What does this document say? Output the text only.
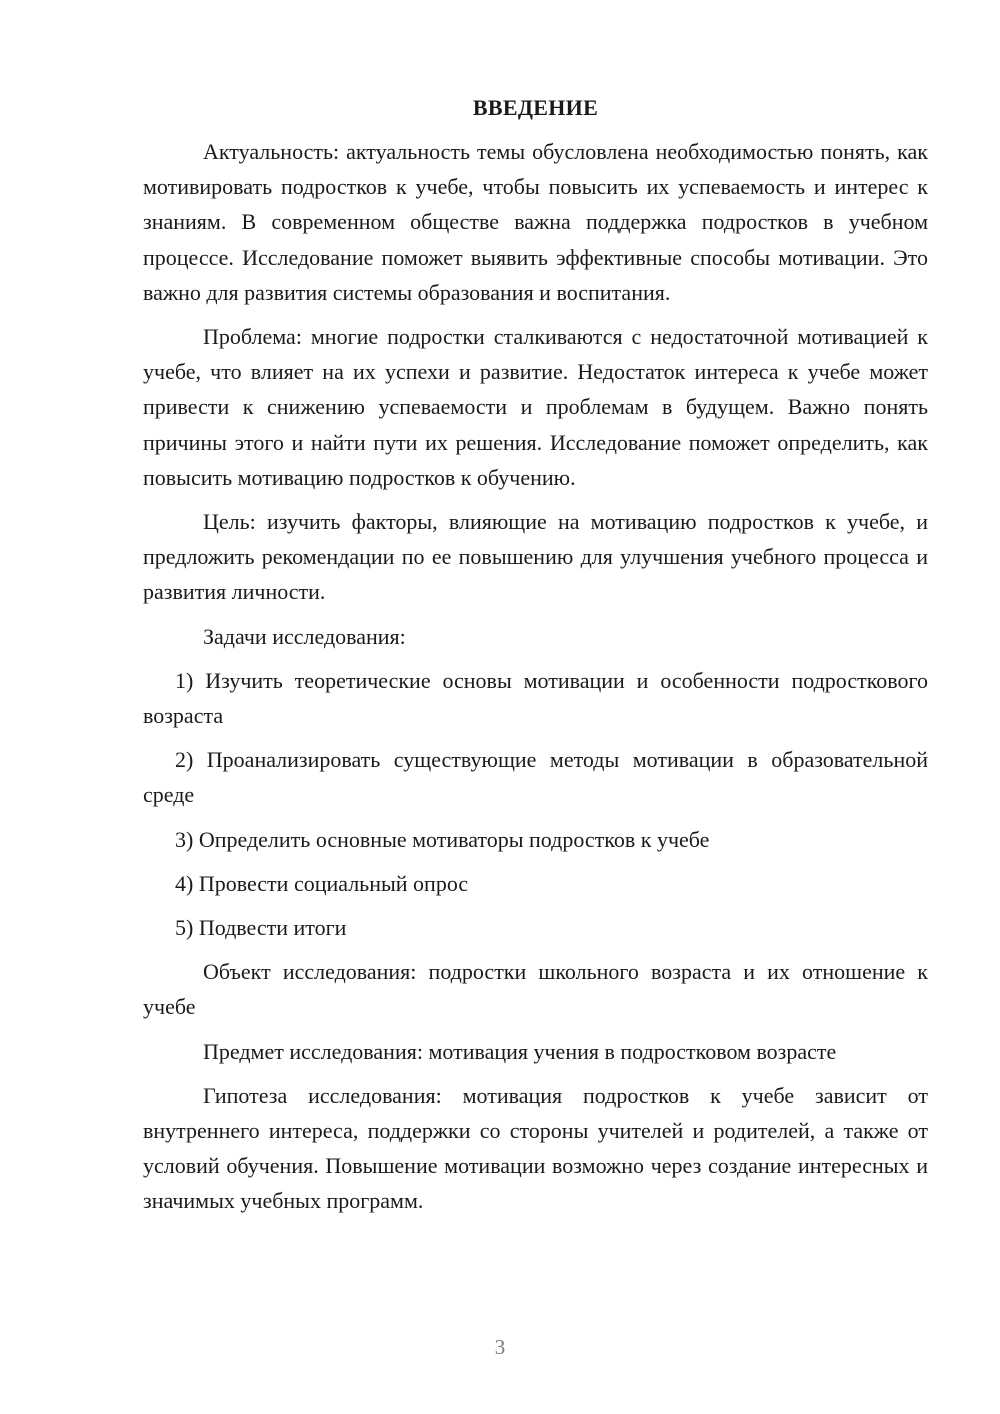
ВВЕДЕНИЕ

Актуальность: актуальность темы обусловлена необходимостью понять, как мотивировать подростков к учебе, чтобы повысить их успеваемость и интерес к знаниям. В современном обществе важна поддержка подростков в учебном процессе. Исследование поможет выявить эффективные способы мотивации. Это важно для развития системы образования и воспитания.

Проблема: многие подростки сталкиваются с недостаточной мотивацией к учебе, что влияет на их успехи и развитие. Недостаток интереса к учебе может привести к снижению успеваемости и проблемам в будущем. Важно понять причины этого и найти пути их решения. Исследование поможет определить, как повысить мотивацию подростков к обучению.

Цель: изучить факторы, влияющие на мотивацию подростков к учебе, и предложить рекомендации по ее повышению для улучшения учебного процесса и развития личности.

Задачи исследования:

1) Изучить теоретические основы мотивации и особенности подросткового возраста

2) Проанализировать существующие методы мотивации в образовательной среде

3) Определить основные мотиваторы подростков к учебе

4) Провести социальный опрос

5) Подвести итоги

Объект исследования: подростки школьного возраста и их отношение к учебе

Предмет исследования: мотивация учения в подростковом возрасте

Гипотеза исследования: мотивация подростков к учебе зависит от внутреннего интереса, поддержки со стороны учителей и родителей, а также от условий обучения. Повышение мотивации возможно через создание интересных и значимых учебных программ.

3
